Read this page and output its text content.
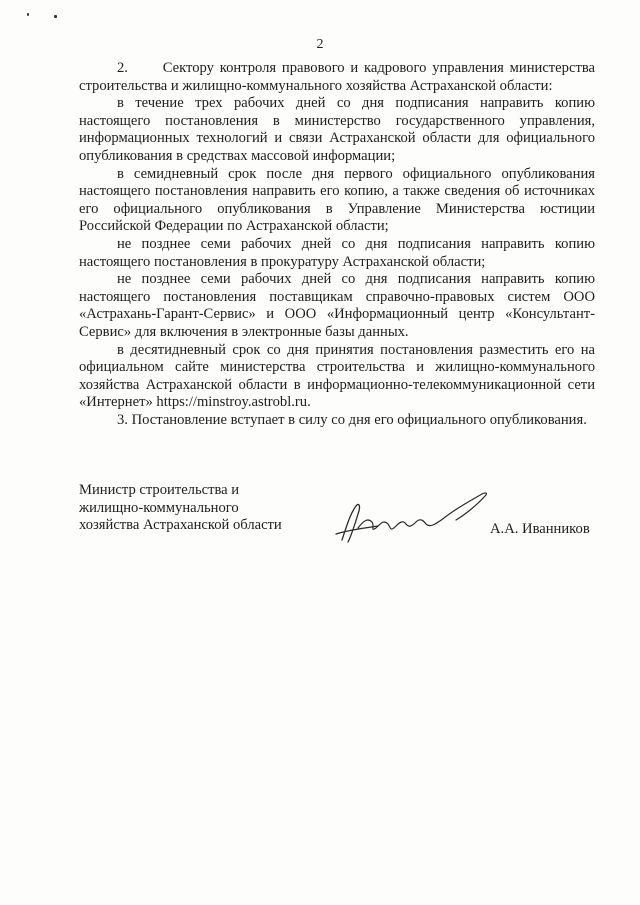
2

2.      Сектору контроля правового и кадрового управления министерства строительства и жилищно-коммунального хозяйства Астраханской области:

в течение трех рабочих дней со дня подписания направить копию настоящего постановления в министерство государственного управления, информационных технологий и связи Астраханской области для официального опубликования в средствах массовой информации;

в семидневный срок после дня первого официального опубликования настоящего постановления направить его копию, а также сведения об источниках его официального опубликования в Управление Министерства юстиции Российской Федерации по Астраханской области;

не позднее семи рабочих дней со дня подписания направить копию настоящего постановления в прокуратуру Астраханской области;

не позднее семи рабочих дней со дня подписания направить копию настоящего постановления поставщикам справочно-правовых систем ООО «Астрахань-Гарант-Сервис» и ООО «Информационный центр «Консультант- Сервис» для включения в электронные базы данных.

в десятидневный срок со дня принятия постановления разместить его на официальном сайте министерства строительства и жилищно-коммунального хозяйства Астраханской области в информационно-телекоммуникационной сети «Интернет» https://minstroy.astrobl.ru.

3. Постановление вступает в силу со дня его официального опубликования.

Министр строительства и
жилищно-коммунального
хозяйства Астраханской области	А.А. Иванников
